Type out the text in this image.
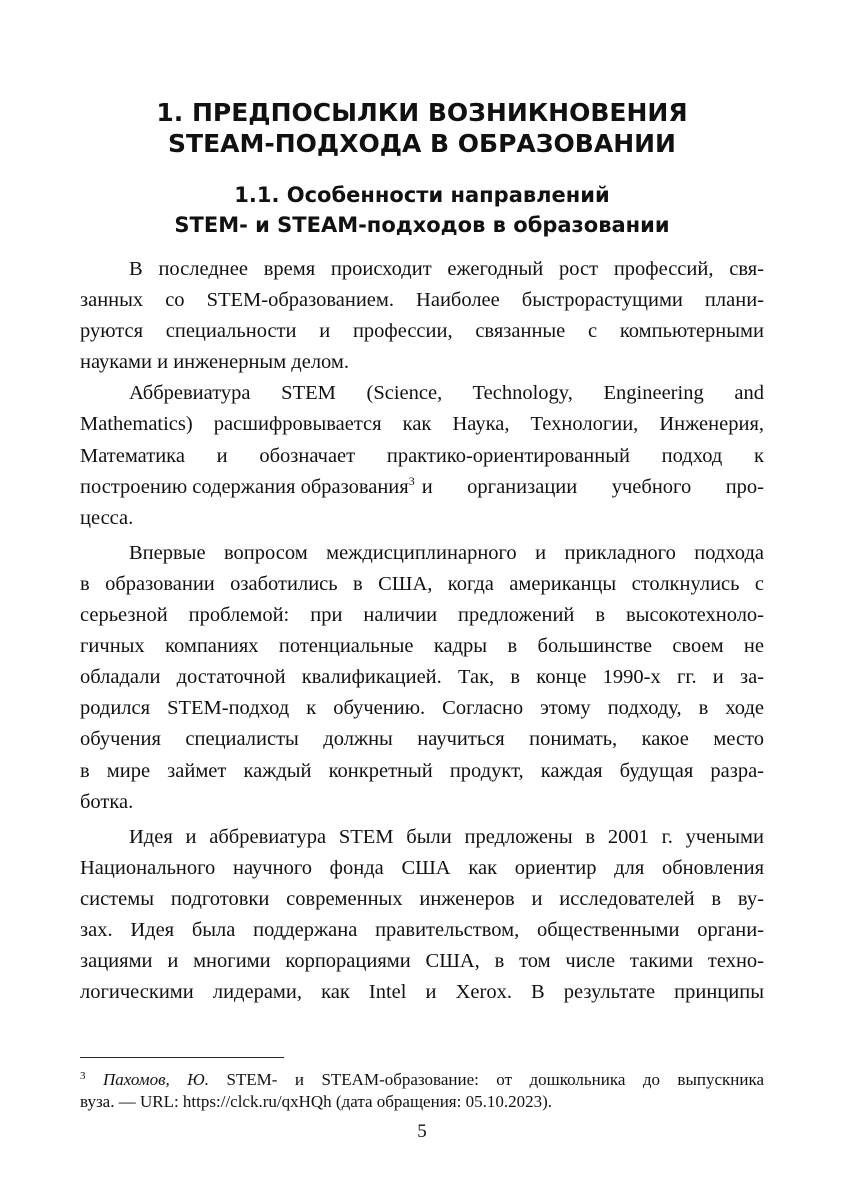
1. ПРЕДПОСЫЛКИ ВОЗНИКНОВЕНИЯ
STEAM-ПОДХОДА В ОБРАЗОВАНИИ
1.1. Особенности направлений
STEM- и STEAM-подходов в образовании
В последнее время происходит ежегодный рост профессий, свя-
занных со STEM-образованием. Наиболее быстрорастущими плани-
руются специальности и профессии, связанные с компьютерными
науками и инженерным делом.
Аббревиатура STEM (Science, Technology, Engineering and
Mathematics) расшифровывается как Наука, Технологии, Инженерия,
Математика и обозначает практико-ориентированный подход к
построению содержания образования$^3$ и организации учебного про-
цесса.
Впервые вопросом междисциплинарного и прикладного подхода
в образовании озаботились в США, когда американцы столкнулись с
серьезной проблемой: при наличии предложений в высокотехноло-
гичных компаниях потенциальные кадры в большинстве своем не
обладали достаточной квалификацией. Так, в конце 1990-х гг. и за-
родился STEM-подход к обучению. Согласно этому подходу, в ходе
обучения специалисты должны научиться понимать, какое место
в мире займет каждый конкретный продукт, каждая будущая разра-
ботка.
Идея и аббревиатура STEM были предложены в 2001 г. учеными
Национального научного фонда США как ориентир для обновления
системы подготовки современных инженеров и исследователей в ву-
зах. Идея была поддержана правительством, общественными органи-
зациями и многими корпорациями США, в том числе такими техно-
логическими лидерами, как Intel и Xerox. В результате принципы
$^3$ Пахомов, Ю. STEM- и STEAM-образование: от дошкольника до выпускника
вуза. — URL: https://clck.ru/qxHQh (дата обращения: 05.10.2023).
5
